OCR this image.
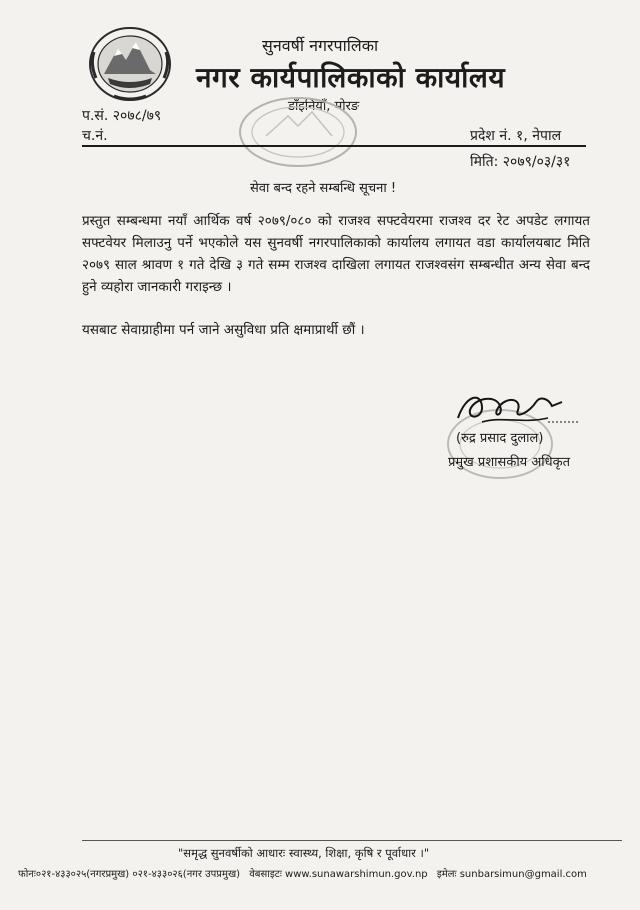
सुनवर्षी नगरपालिका
नगर कार्यपालिकाको कार्यालय
डाँइनियाँ, मोरङ
प.सं. २०७८/७९
च.नं.	प्रदेश नं. १, नेपाल
मिति: २०७९/०३/३१
सेवा बन्द रहने सम्बन्धि सूचना !
प्रस्तुत सम्बन्धमा नयाँ आर्थिक वर्ष २०७९/०८० को राजश्व सफ्टवेयरमा राजश्व दर रेट अपडेट लगायत सफ्टवेयर मिलाउनु पर्ने भएकोले यस सुनवर्षी नगरपालिकाको कार्यालय लगायत वडा कार्यालयबाट मिति २०७९ साल श्रावण १ गते देखि ३ गते सम्म राजश्व दाखिला लगायत राजश्वसंग सम्बन्धीत अन्य सेवा बन्द हुने व्यहोरा जानकारी गराइन्छ ।
यसबाट सेवाग्राहीमा पर्न जाने असुविधा प्रति क्षमाप्रार्थी छौं ।
(रुद्र प्रसाद दुलाल)
प्रमुख प्रशासकीय अधिकृत
"समृद्ध सुनवर्षीको आधारः स्वास्थ्य, शिक्षा, कृषि र पूर्वाधार ।"
फोनः०२१-४३३०२५(नगरप्रमुख) ०२१-४३३०२६(नगर उपप्रमुख) वेबसाइटः www.sunawarshimun.gov.np इमेलः sunbarsimun@gmail.com
